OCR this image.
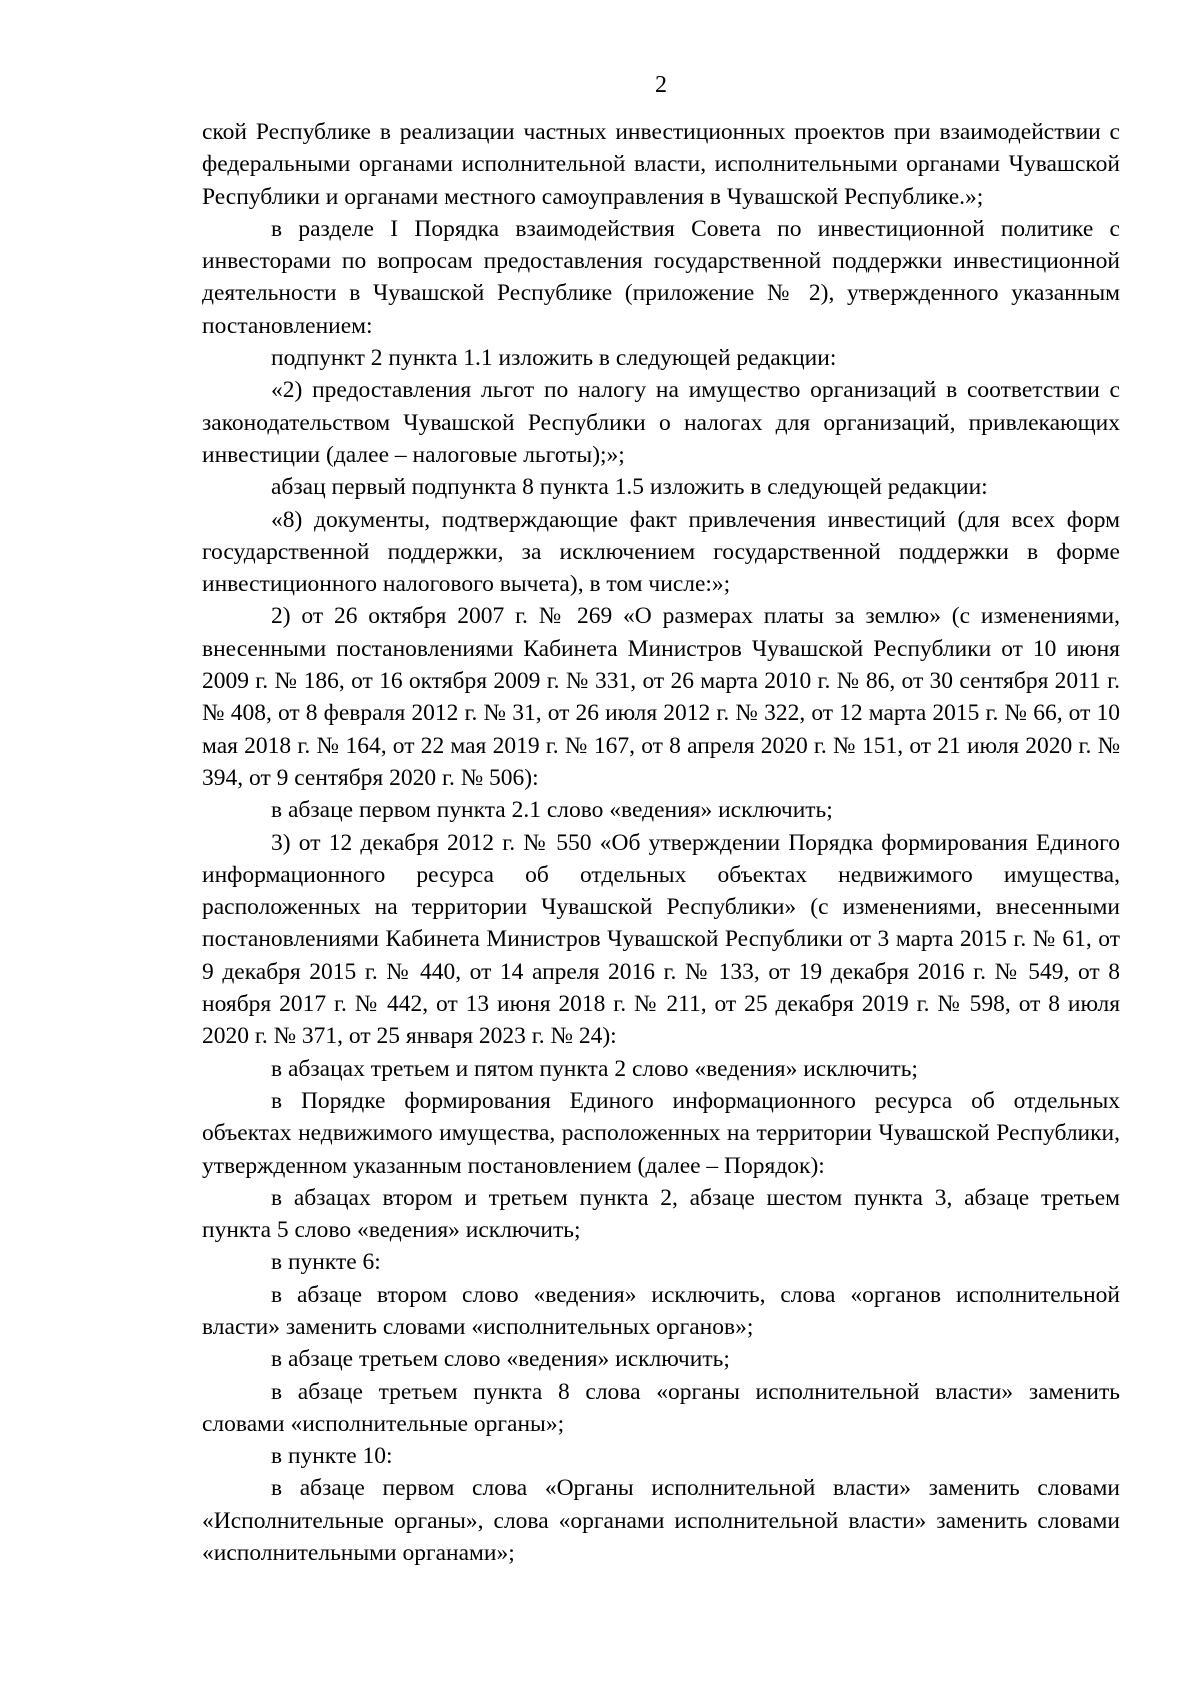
2

ской Республике в реализации частных инвестиционных проектов при взаимодействии с федеральными органами исполнительной власти, исполнительными органами Чувашской Республики и органами местного самоуправления в Чувашской Республике.»;

в разделе I Порядка взаимодействия Совета по инвестиционной политике с инвесторами по вопросам предоставления государственной поддержки инвестиционной деятельности в Чувашской Республике (приложение № 2), утвержденного указанным постановлением:

подпункт 2 пункта 1.1 изложить в следующей редакции:

«2) предоставления льгот по налогу на имущество организаций в соответствии с законодательством Чувашской Республики о налогах для организаций, привлекающих инвестиции (далее – налоговые льготы);»;

абзац первый подпункта 8 пункта 1.5 изложить в следующей редакции:

«8) документы, подтверждающие факт привлечения инвестиций (для всех форм государственной поддержки, за исключением государственной поддержки в форме инвестиционного налогового вычета), в том числе:»;

2) от 26 октября 2007 г. № 269 «О размерах платы за землю» (с изменениями, внесенными постановлениями Кабинета Министров Чувашской Республики от 10 июня 2009 г. № 186, от 16 октября 2009 г. № 331, от 26 марта 2010 г. № 86, от 30 сентября 2011 г. № 408, от 8 февраля 2012 г. № 31, от 26 июля 2012 г. № 322, от 12 марта 2015 г. № 66, от 10 мая 2018 г. № 164, от 22 мая 2019 г. № 167, от 8 апреля 2020 г. № 151, от 21 июля 2020 г. № 394, от 9 сентября 2020 г. № 506):

в абзаце первом пункта 2.1 слово «ведения» исключить;

3) от 12 декабря 2012 г. № 550 «Об утверждении Порядка формирования Единого информационного ресурса об отдельных объектах недвижимого имущества, расположенных на территории Чувашской Республики» (с изменениями, внесенными постановлениями Кабинета Министров Чувашской Республики от 3 марта 2015 г. № 61, от 9 декабря 2015 г. № 440, от 14 апреля 2016 г. № 133, от 19 декабря 2016 г. № 549, от 8 ноября 2017 г. № 442, от 13 июня 2018 г. № 211, от 25 декабря 2019 г. № 598, от 8 июля 2020 г. № 371, от 25 января 2023 г. № 24):

в абзацах третьем и пятом пункта 2 слово «ведения» исключить;

в Порядке формирования Единого информационного ресурса об отдельных объектах недвижимого имущества, расположенных на территории Чувашской Республики, утвержденном указанным постановлением (далее – Порядок):

в абзацах втором и третьем пункта 2, абзаце шестом пункта 3, абзаце третьем пункта 5 слово «ведения» исключить;

в пункте 6:

в абзаце втором слово «ведения» исключить, слова «органов исполнительной власти» заменить словами «исполнительных органов»;

в абзаце третьем слово «ведения» исключить;

в абзаце третьем пункта 8 слова «органы исполнительной власти» заменить словами «исполнительные органы»;

в пункте 10:

в абзаце первом слова «Органы исполнительной власти» заменить словами «Исполнительные органы», слова «органами исполнительной власти» заменить словами «исполнительными органами»;
